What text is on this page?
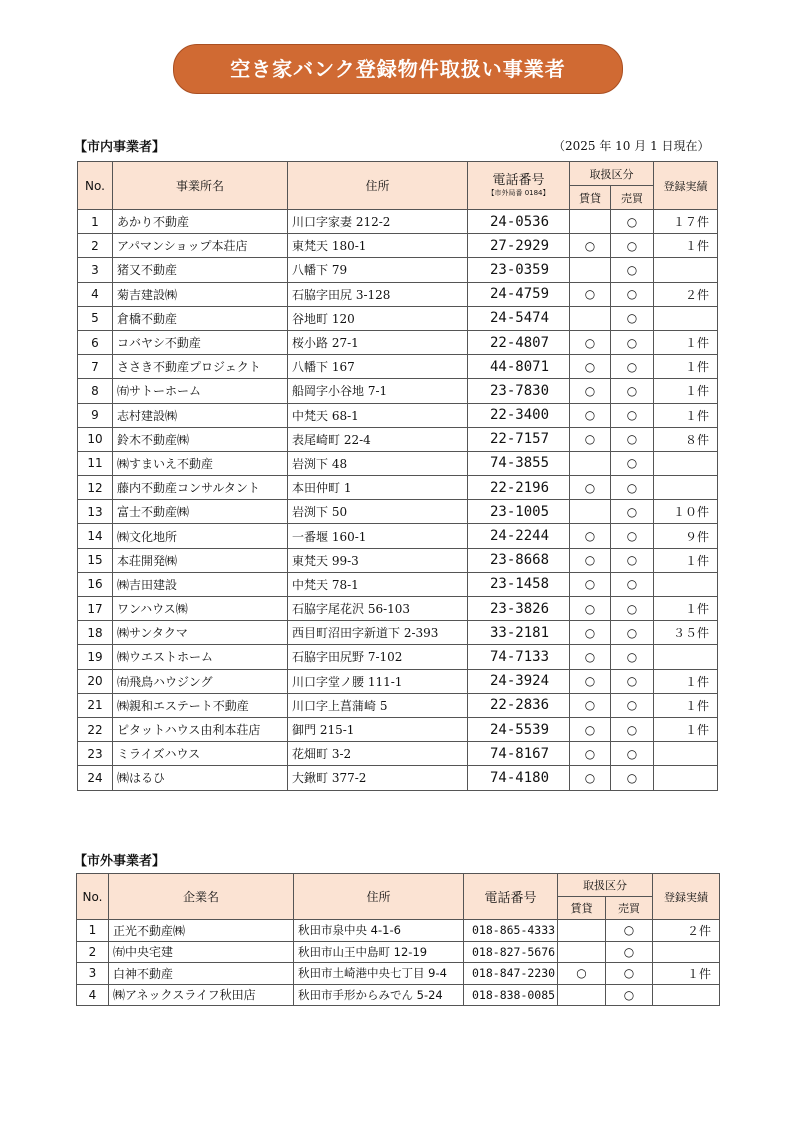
空き家バンク登録物件取扱い事業者
【市内事業者】	（2025 年 10 月 1 日現在）
No.	事業所名	住所	電話番号
【市外局番 0184】	取扱区分		登録実績
				賃貸	売買	
1	あかり不動産	川口字家妻 212-2	24-0536		○	１７件
2	アパマンショップ本荘店	東梵天 180-1	27-2929	○	○	１件
3	猪又不動産	八幡下 79	23-0359		○	
4	菊吉建設㈱	石脇字田尻 3-128	24-4759	○	○	２件
5	倉橋不動産	谷地町 120	24-5474		○	
6	コバヤシ不動産	桜小路 27-1	22-4807	○	○	１件
7	ささき不動産プロジェクト	八幡下 167	44-8071	○	○	１件
8	㈲サトーホーム	船岡字小谷地 7-1	23-7830	○	○	１件
9	志村建設㈱	中梵天 68-1	22-3400	○	○	１件
10	鈴木不動産㈱	表尾崎町 22-4	22-7157	○	○	８件
11	㈱すまいえ不動産	岩渕下 48	74-3855		○	
12	藤内不動産コンサルタント	本田仲町 1	22-2196	○	○	
13	富士不動産㈱	岩渕下 50	23-1005		○	１０件
14	㈱文化地所	一番堰 160-1	24-2244	○	○	９件
15	本荘開発㈱	東梵天 99-3	23-8668	○	○	１件
16	㈱吉田建設	中梵天 78-1	23-1458	○	○	
17	ワンハウス㈱	石脇字尾花沢 56-103	23-3826	○	○	１件
18	㈱サンタクマ	西目町沼田字新道下 2-393	33-2181	○	○	３５件
19	㈱ウエストホーム	石脇字田尻野 7-102	74-7133	○	○	
20	㈲飛鳥ハウジング	川口字堂ノ腰 111-1	24-3924	○	○	１件
21	㈱親和エステート不動産	川口字上菖蒲崎 5	22-2836	○	○	１件
22	ピタットハウス由利本荘店	御門 215-1	24-5539	○	○	１件
23	ミライズハウス	花畑町 3-2	74-8167	○	○	
24	㈱はるひ	大鍬町 377-2	74-4180	○	○	
【市外事業者】
No.	企業名	住所	電話番号	取扱区分		登録実績
				賃貸	売買	
1	正光不動産㈱	秋田市泉中央 4-1-6	018-865-4333		○	２件
2	㈲中央宅建	秋田市山王中島町 12-19	018-827-5676		○	
3	白神不動産	秋田市土崎港中央七丁目 9-4	018-847-2230	○	○	１件
4	㈱アネックスライフ秋田店	秋田市手形からみでん 5-24	018-838-0085		○	
